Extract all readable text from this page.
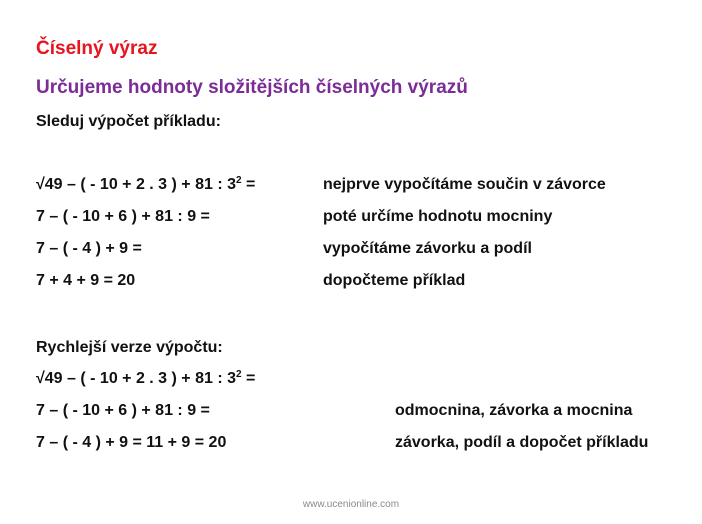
Číselný výraz
Určujeme hodnoty složitějších číselných výrazů
Sleduj výpočet příkladu:
√49 – ( - 10 + 2 . 3 ) + 81 : $3^2$ =	nejprve vypočítáme součin v závorce
7 – ( - 10 + 6 ) + 81 : 9 =	poté určíme hodnotu mocniny
7 – ( - 4 ) + 9 =	vypočítáme závorku a podíl
7 + 4 + 9 = 20	dopočteme příklad
Rychlejší verze výpočtu:
√49 – ( - 10 + 2 . 3 ) + 81 : $3^2$ =
7 – ( - 10 + 6 ) + 81 : 9 =	odmocnina, závorka a mocnina
7 – ( - 4 ) + 9 = 11 + 9 = 20	závorka, podíl a dopočet příkladu
www.ucenionline.com
